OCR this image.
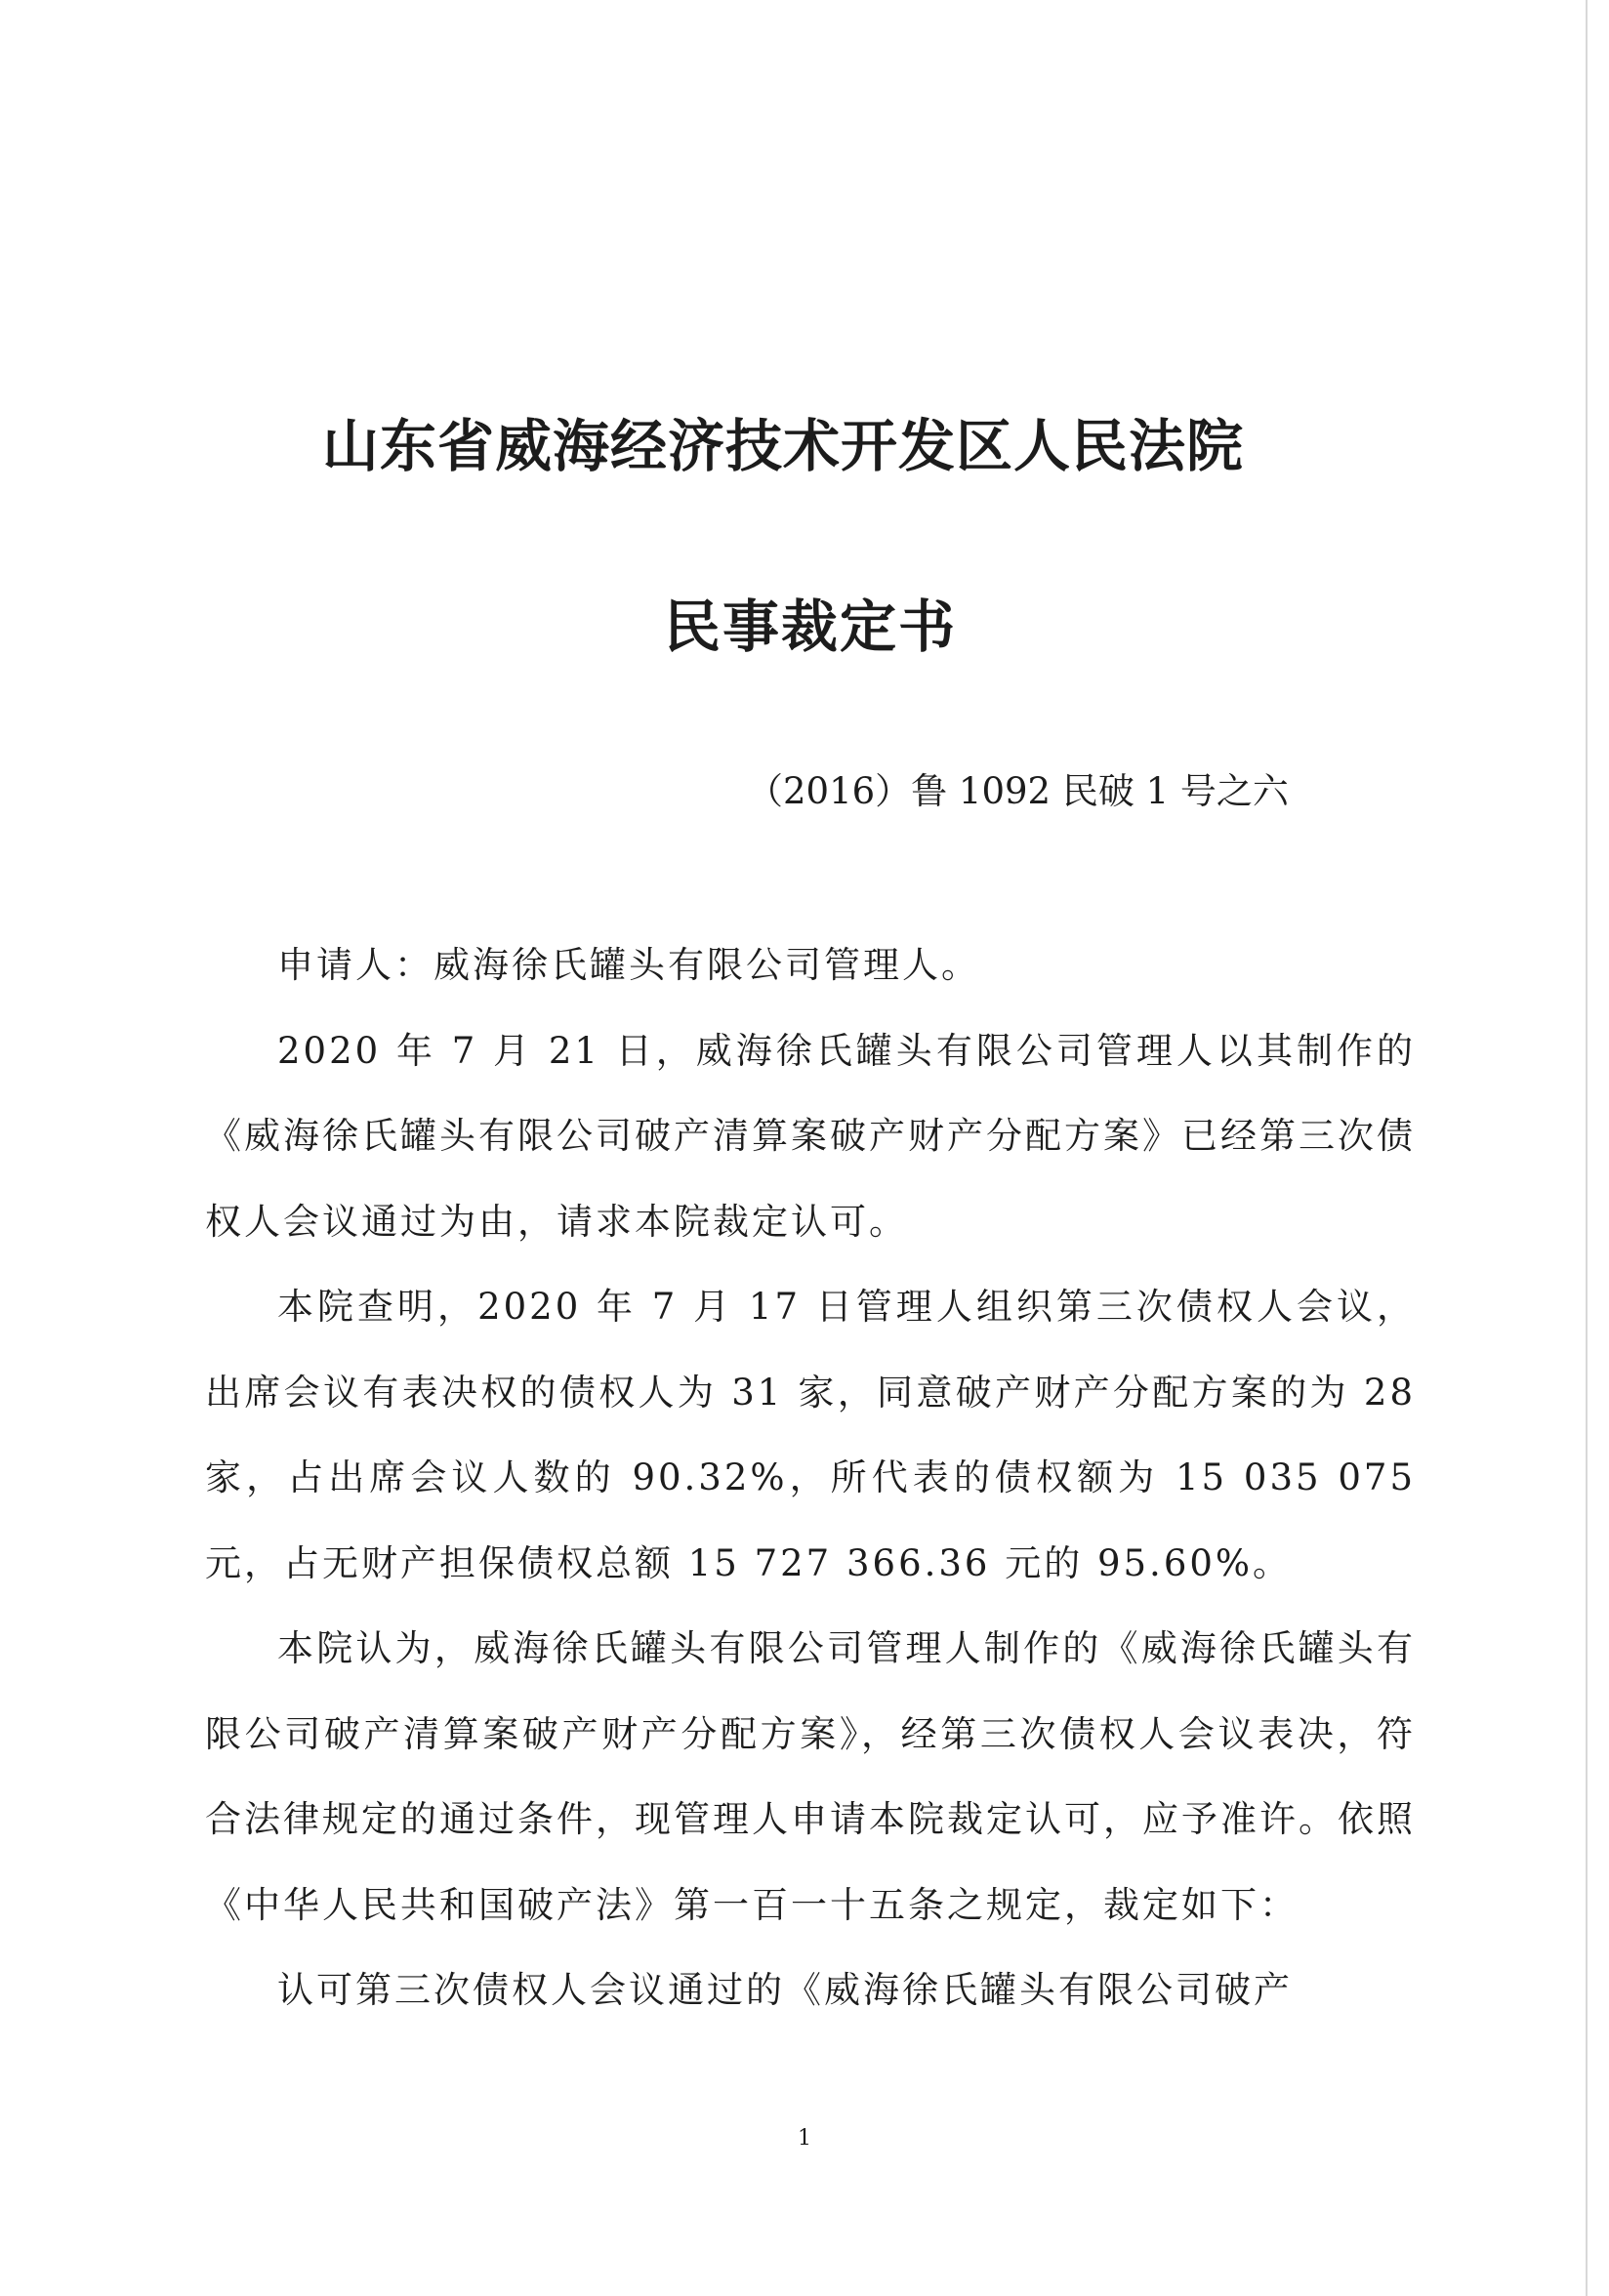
山东省威海经济技术开发区人民法院
民事裁定书
（2016）鲁 1092 民破 1 号之六

申请人：威海徐氏罐头有限公司管理人。

2020 年 7 月 21 日，威海徐氏罐头有限公司管理人以其制作的《威海徐氏罐头有限公司破产清算案破产财产分配方案》已经第三次债权人会议通过为由，请求本院裁定认可。

本院查明，2020 年 7 月 17 日管理人组织第三次债权人会议，出席会议有表决权的债权人为 31 家，同意破产财产分配方案的为 28 家，占出席会议人数的 90.32%，所代表的债权额为 15 035 075 元，占无财产担保债权总额 15 727 366.36 元的 95.60%。

本院认为，威海徐氏罐头有限公司管理人制作的《威海徐氏罐头有限公司破产清算案破产财产分配方案》，经第三次债权人会议表决，符合法律规定的通过条件，现管理人申请本院裁定认可，应予准许。依照《中华人民共和国破产法》第一百一十五条之规定，裁定如下：

认可第三次债权人会议通过的《威海徐氏罐头有限公司破产

1
